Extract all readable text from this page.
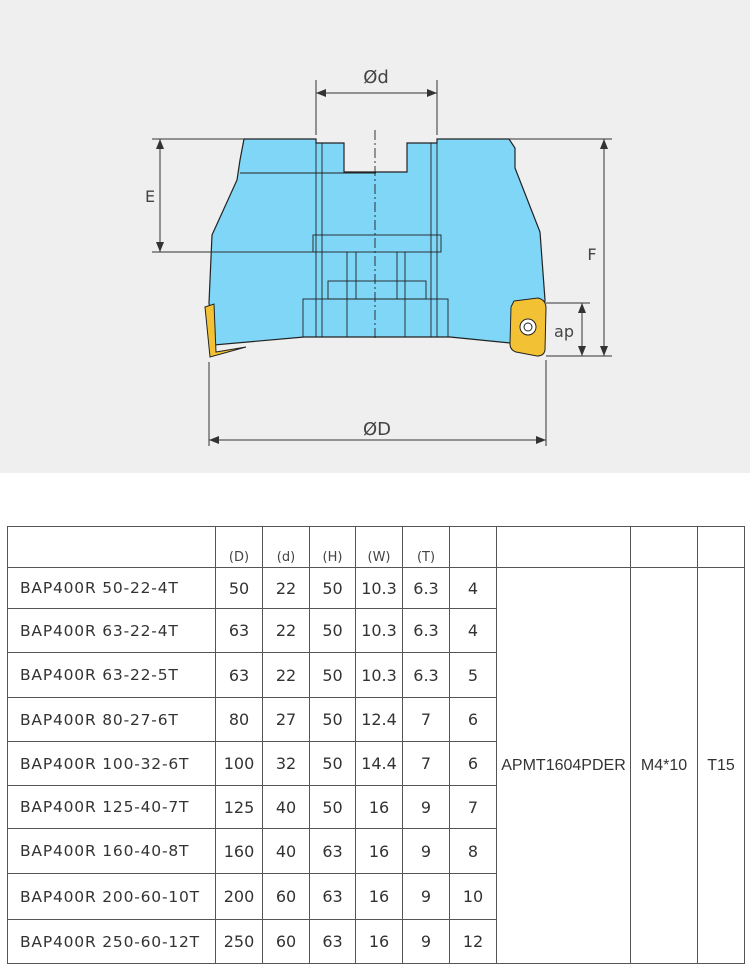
Ød
E
F
ap
ØD
	(D)	(d)	(H)	(W)	(T)				
BAP400R 50-22-4T	50	22	50	10.3	6.3	4	APMT1604PDER	M4*10	T15
BAP400R 63-22-4T	63	22	50	10.3	6.3	4			
BAP400R 63-22-5T	63	22	50	10.3	6.3	5			
BAP400R 80-27-6T	80	27	50	12.4	7	6			
BAP400R 100-32-6T	100	32	50	14.4	7	6			
BAP400R 125-40-7T	125	40	50	16	9	7			
BAP400R 160-40-8T	160	40	63	16	9	8			
BAP400R 200-60-10T	200	60	63	16	9	10			
BAP400R 250-60-12T	250	60	63	16	9	12			
